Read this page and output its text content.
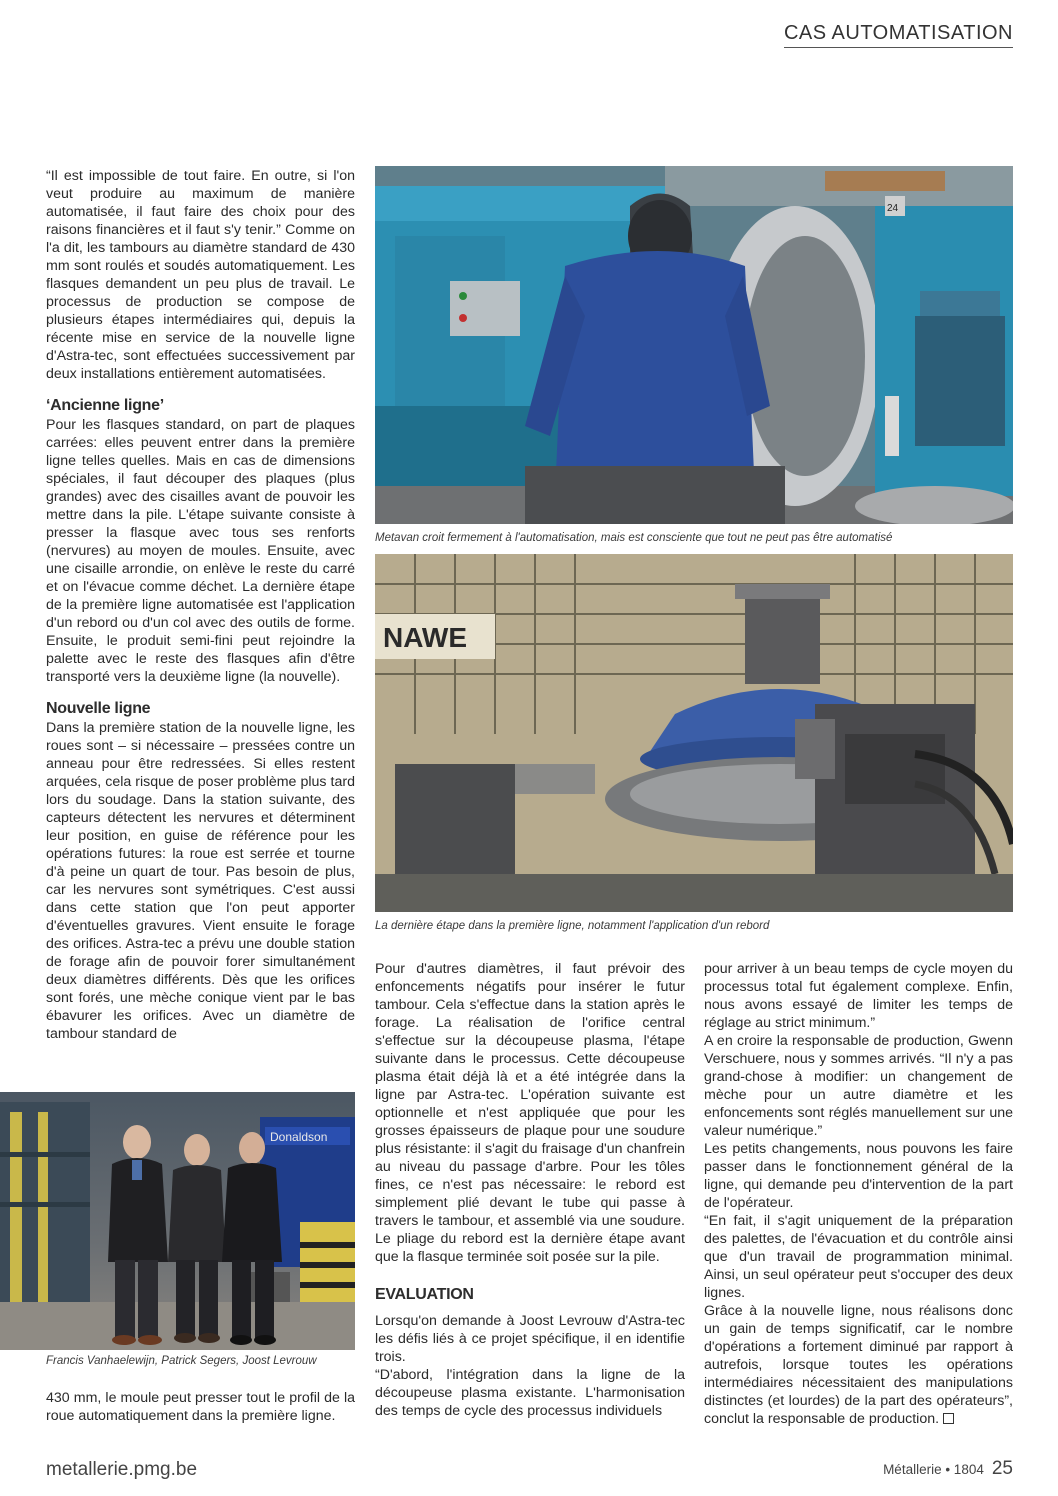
CAS AUTOMATISATION

“Il est impossible de tout faire. En outre, si l'on veut produire au maximum de manière automatisée, il faut faire des choix pour des raisons financières et il faut s'y tenir.” Comme on l'a dit, les tambours au diamètre standard de 430 mm sont roulés et soudés automatiquement. Les flasques demandent un peu plus de travail. Le processus de production se compose de plusieurs étapes intermédiaires qui, depuis la récente mise en service de la nouvelle ligne d'Astra-tec, sont effectuées successivement par deux installations entièrement automatisées.

‘Ancienne ligne’

Pour les flasques standard, on part de plaques carrées: elles peuvent entrer dans la première ligne telles quelles. Mais en cas de dimensions spéciales, il faut découper des plaques (plus grandes) avec des cisailles avant de pouvoir les mettre dans la pile. L'étape suivante consiste à presser la flasque avec tous ses renforts (nervures) au moyen de moules. Ensuite, avec une cisaille arrondie, on enlève le reste du carré et on l'évacue comme déchet. La dernière étape de la première ligne automatisée est l'application d'un rebord ou d'un col avec des outils de forme. Ensuite, le produit semi-fini peut rejoindre la palette avec le reste des flasques afin d'être transporté vers la deuxième ligne (la nouvelle).

Nouvelle ligne

Dans la première station de la nouvelle ligne, les roues sont – si nécessaire – pressées contre un anneau pour être redressées. Si elles restent arquées, cela risque de poser problème plus tard lors du soudage. Dans la station suivante, des capteurs détectent les nervures et déterminent leur position, en guise de référence pour les opérations futures: la roue est serrée et tourne d'à peine un quart de tour. Pas besoin de plus, car les nervures sont symétriques. C'est aussi dans cette station que l'on peut apporter d'éventuelles gravures. Vient ensuite le forage des orifices. Astra-tec a prévu une double station de forage afin de pouvoir forer simultanément deux diamètres différents. Dès que les orifices sont forés, une mèche conique vient par le bas ébavurer les orifices. Avec un diamètre de tambour standard de

Donaldson
Francis Vanhaelewijn, Patrick Segers, Joost Levrouw

430 mm, le moule peut presser tout le profil de la roue automatiquement dans la première ligne.

24
Metavan croit fermement à l'automatisation, mais est consciente que tout ne peut pas être automatisé
NAWE
La dernière étape dans la première ligne, notamment l'application d'un rebord

Pour d'autres diamètres, il faut prévoir des enfoncements négatifs pour insérer le futur tambour. Cela s'effectue dans la station après le forage. La réalisation de l'orifice central s'effectue sur la découpeuse plasma, l'étape suivante dans le processus. Cette découpeuse plasma était déjà là et a été intégrée dans la ligne par Astra-tec. L'opération suivante est optionnelle et n'est appliquée que pour les grosses épaisseurs de plaque pour une soudure plus résistante: il s'agit du fraisage d'un chanfrein au niveau du passage d'arbre. Pour les tôles fines, ce n'est pas nécessaire: le rebord est simplement plié devant le tube qui passe à travers le tambour, et assemblé via une soudure. Le pliage du rebord est la dernière étape avant que la flasque terminée soit posée sur la pile.

EVALUATION

Lorsqu'on demande à Joost Levrouw d'Astra-tec les défis liés à ce projet spécifique, il en identifie trois.

“D'abord, l'intégration dans la ligne de la découpeuse plasma existante. L'harmonisation des temps de cycle des processus individuels

pour arriver à un beau temps de cycle moyen du processus total fut également complexe. Enfin, nous avons essayé de limiter les temps de réglage au strict minimum.”

A en croire la responsable de production, Gwenn Verschuere, nous y sommes arrivés. “Il n'y a pas grand-chose à modifier: un changement de mèche pour un autre diamètre et les enfoncements sont réglés manuellement sur une valeur numérique.”

Les petits changements, nous pouvons les faire passer dans le fonctionnement général de la ligne, qui demande peu d'intervention de la part de l'opérateur.

“En fait, il s'agit uniquement de la préparation des palettes, de l'évacuation et du contrôle ainsi que d'un travail de programmation minimal. Ainsi, un seul opérateur peut s'occuper des deux lignes.

Grâce à la nouvelle ligne, nous réalisons donc un gain de temps significatif, car le nombre d'opérations a fortement diminué par rapport à autrefois, lorsque toutes les opérations intermédiaires nécessitaient des manipulations distinctes (et lourdes) de la part des opérateurs”, conclut la responsable de production.

metallerie.pmg.be	Métallerie • 1804 25
